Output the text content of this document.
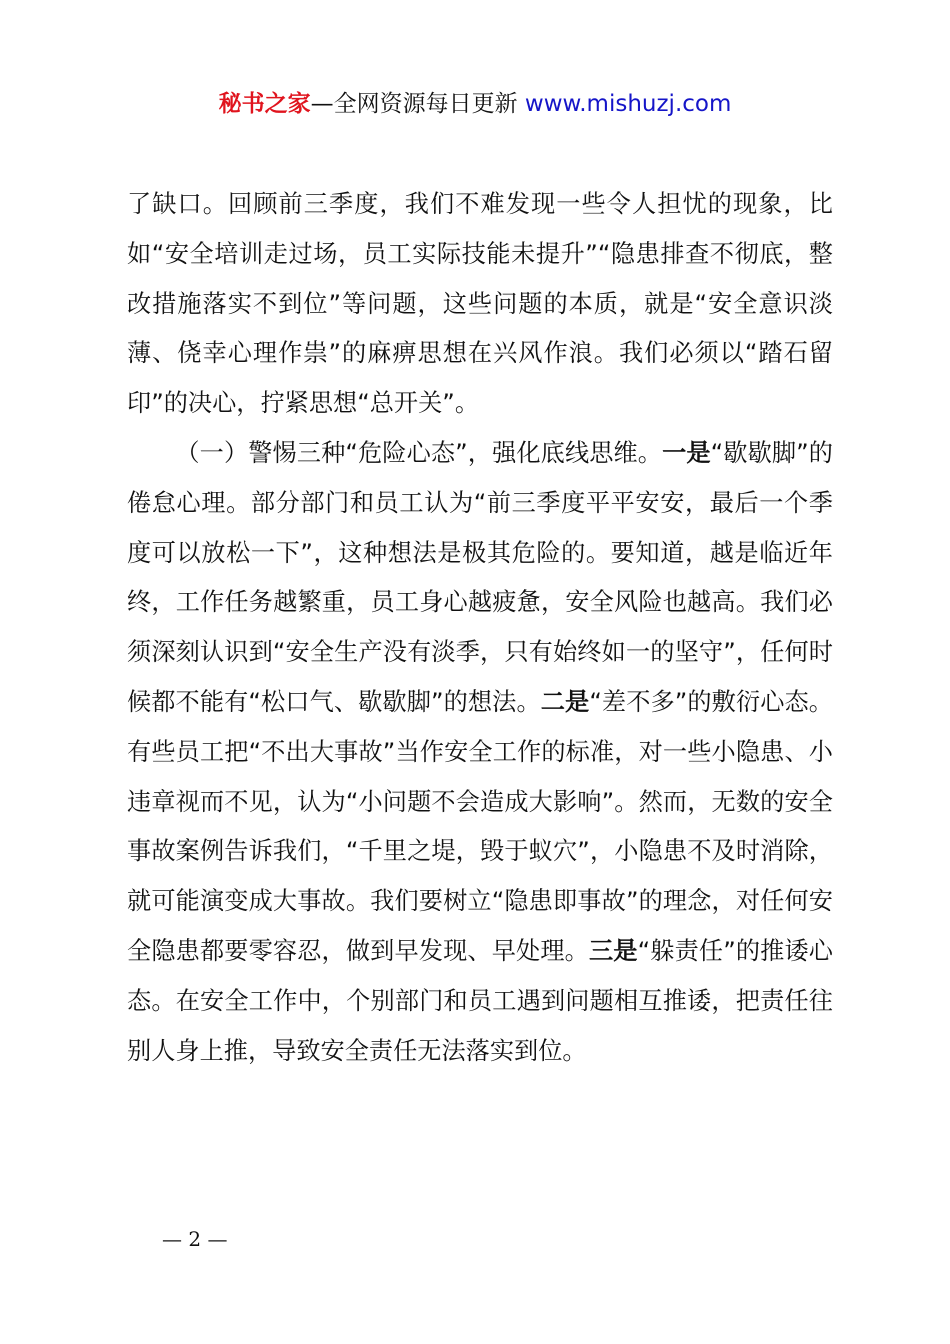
秘书之家—全网资源每日更新 www.mishuzj.com

了缺口。回顾前三季度，我们不难发现一些令人担忧的现象，比如“安全培训走过场，员工实际技能未提升”“隐患排查不彻底，整改措施落实不到位”等问题，这些问题的本质，就是“安全意识淡薄、侥幸心理作祟”的麻痹思想在兴风作浪。我们必须以“踏石留印”的决心，拧紧思想“总开关”。

（一）警惕三种“危险心态”，强化底线思维。一是“歇歇脚”的倦怠心理。部分部门和员工认为“前三季度平平安安，最后一个季度可以放松一下”，这种想法是极其危险的。要知道，越是临近年终，工作任务越繁重，员工身心越疲惫，安全风险也越高。我们必须深刻认识到“安全生产没有淡季，只有始终如一的坚守”，任何时候都不能有“松口气、歇歇脚”的想法。二是“差不多”的敷衍心态。有些员工把“不出大事故”当作安全工作的标准，对一些小隐患、小违章视而不见，认为“小问题不会造成大影响”。然而，无数的安全事故案例告诉我们，“千里之堤，毁于蚁穴”，小隐患不及时消除，就可能演变成大事故。我们要树立“隐患即事故”的理念，对任何安全隐患都要零容忍，做到早发现、早处理。三是“躲责任”的推诿心态。在安全工作中，个别部门和员工遇到问题相互推诿，把责任往别人身上推，导致安全责任无法落实到位。

— 2 —
